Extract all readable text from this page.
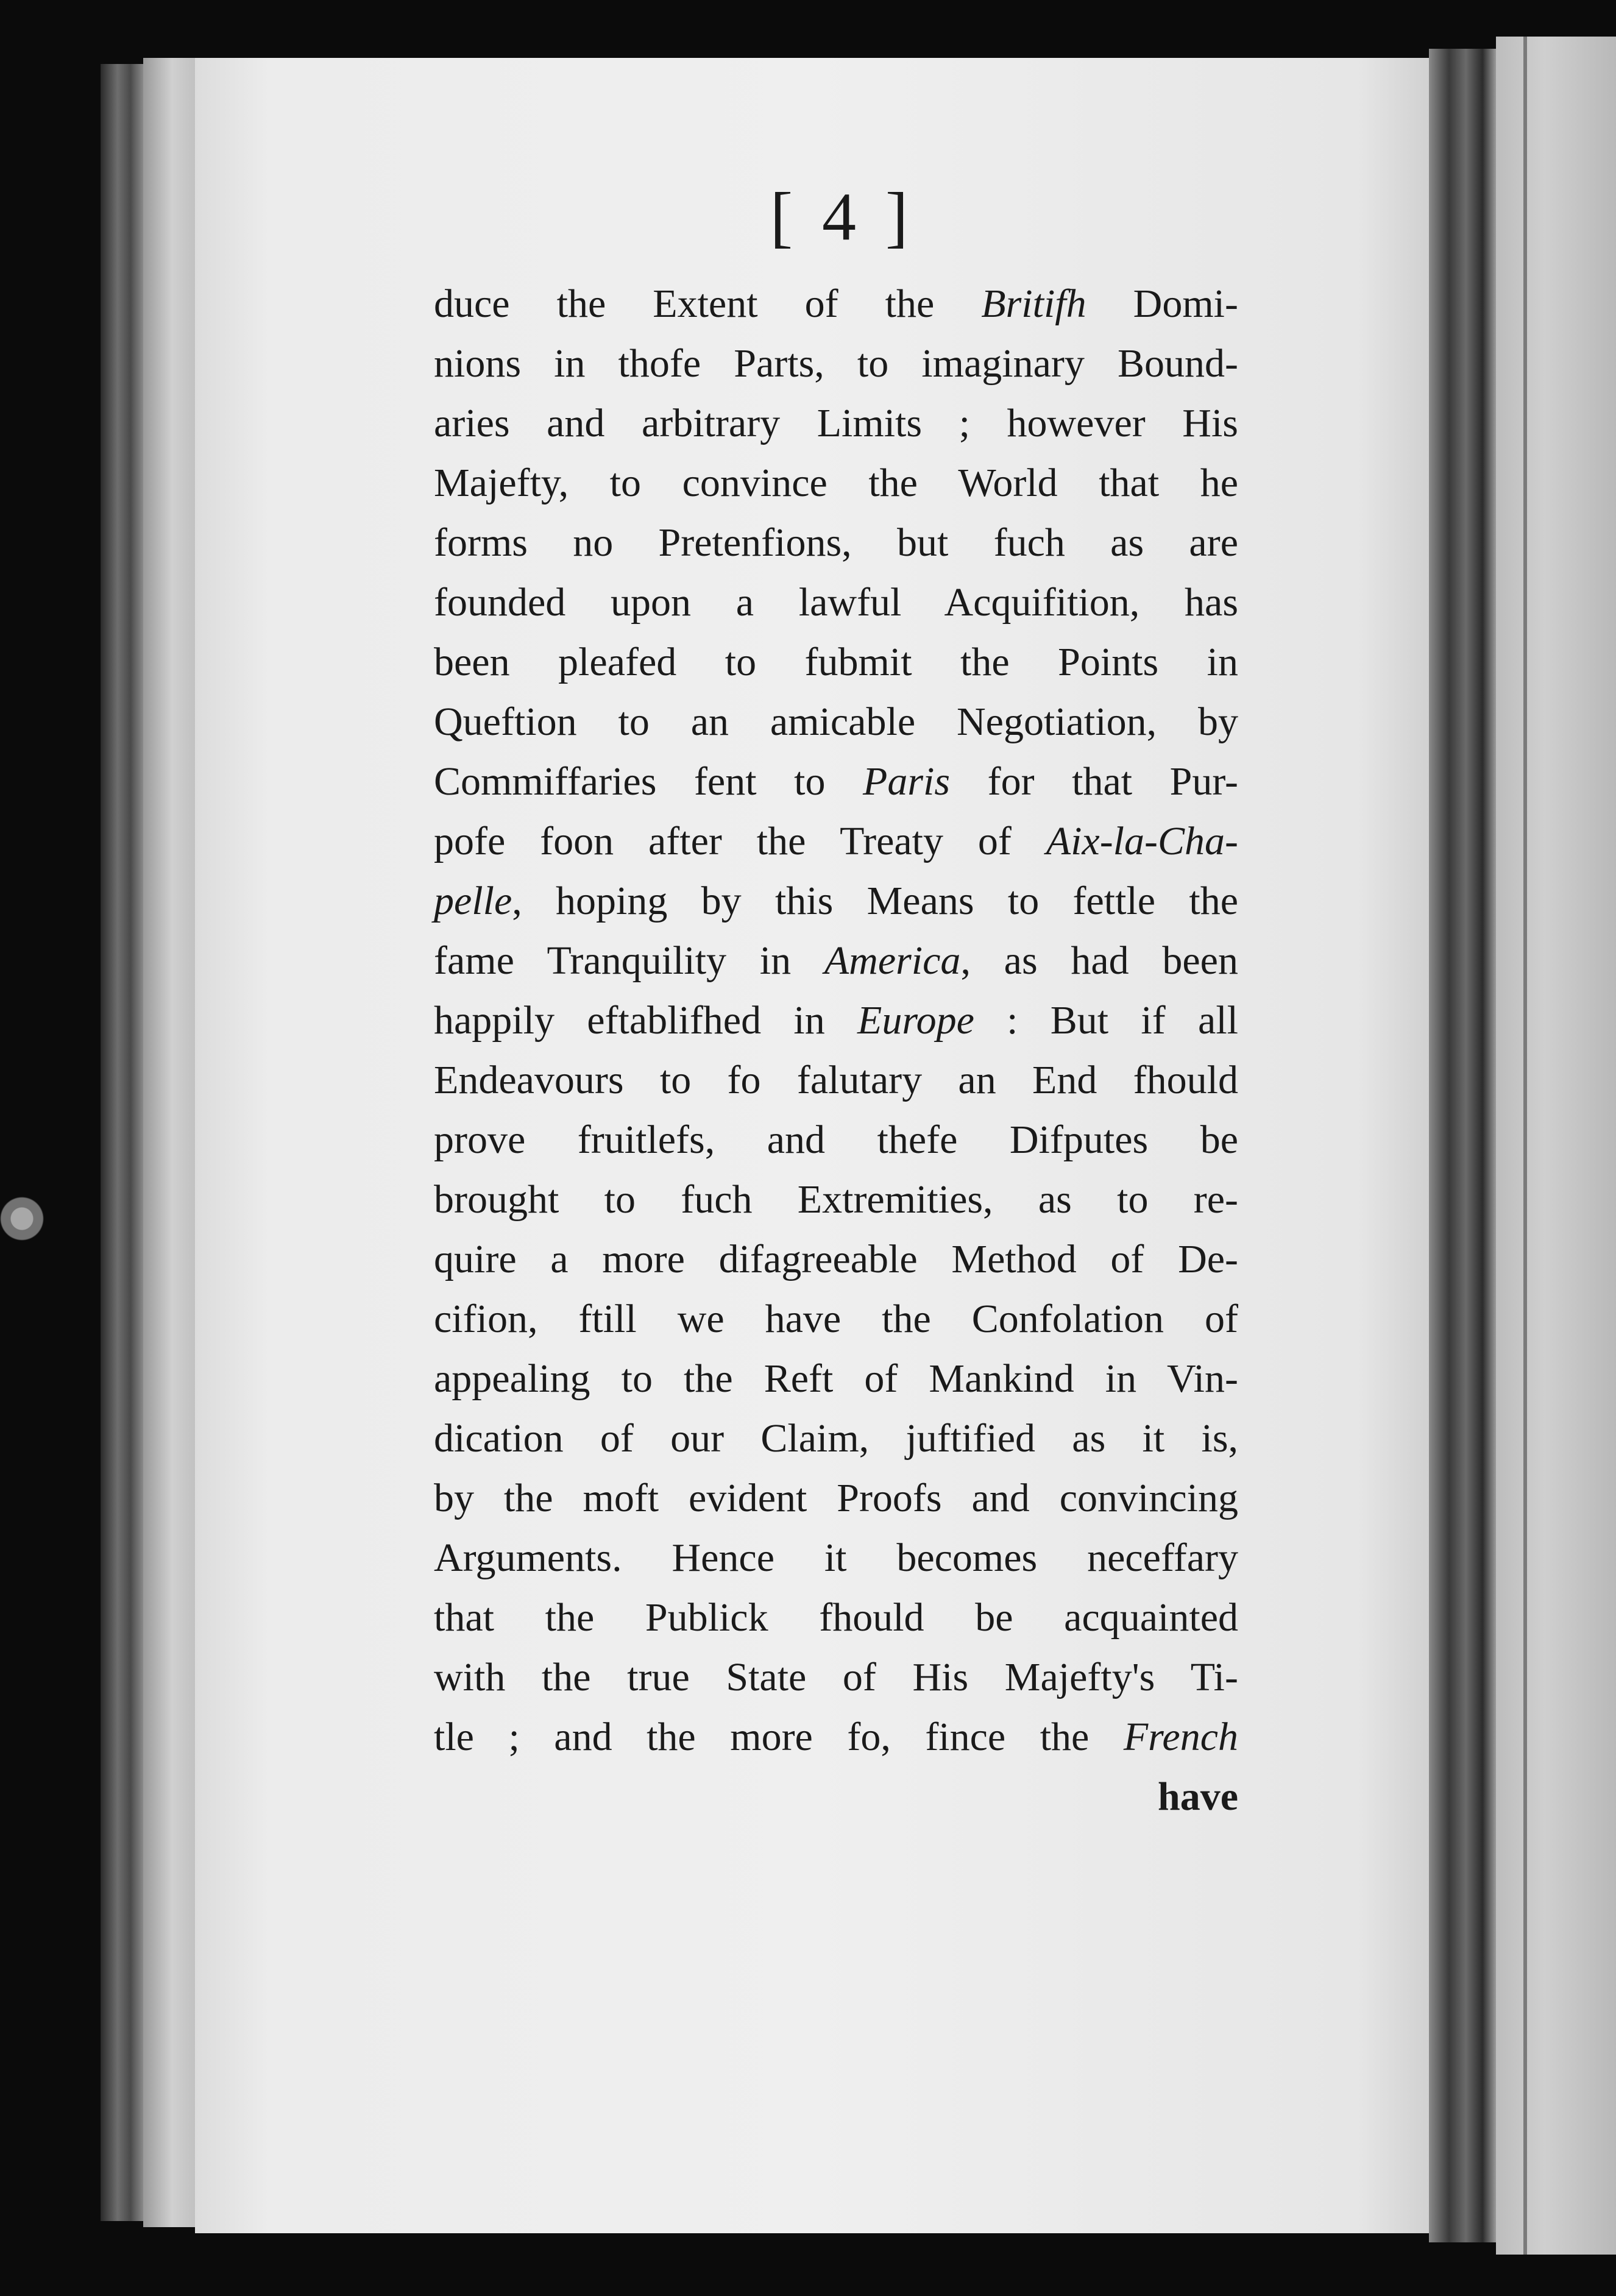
[ 4 ]
duce the Extent of the Britifh Domi-
nions in thofe Parts, to imaginary Bound-
aries and arbitrary Limits ; however His
Majefty, to convince the World that he
forms no Pretenfions, but fuch as are
founded upon a lawful Acquifition, has
been pleafed to fubmit the Points in
Queftion to an amicable Negotiation, by
Commiffaries fent to Paris for that Pur-
pofe foon after the Treaty of Aix-la-Cha-
pelle, hoping by this Means to fettle the
fame Tranquility in America, as had been
happily eftablifhed in Europe : But if all
Endeavours to fo falutary an End fhould
prove fruitlefs, and thefe Difputes be
brought to fuch Extremities, as to re-
quire a more difagreeable Method of De-
cifion, ftill we have the Confolation of
appealing to the Reft of Mankind in Vin-
dication of our Claim, juftified as it is,
by the moft evident Proofs and convincing
Arguments. Hence it becomes neceffary
that the Publick fhould be acquainted
with the true State of His Majefty's Ti-
tle ; and the more fo, fince the French
have
